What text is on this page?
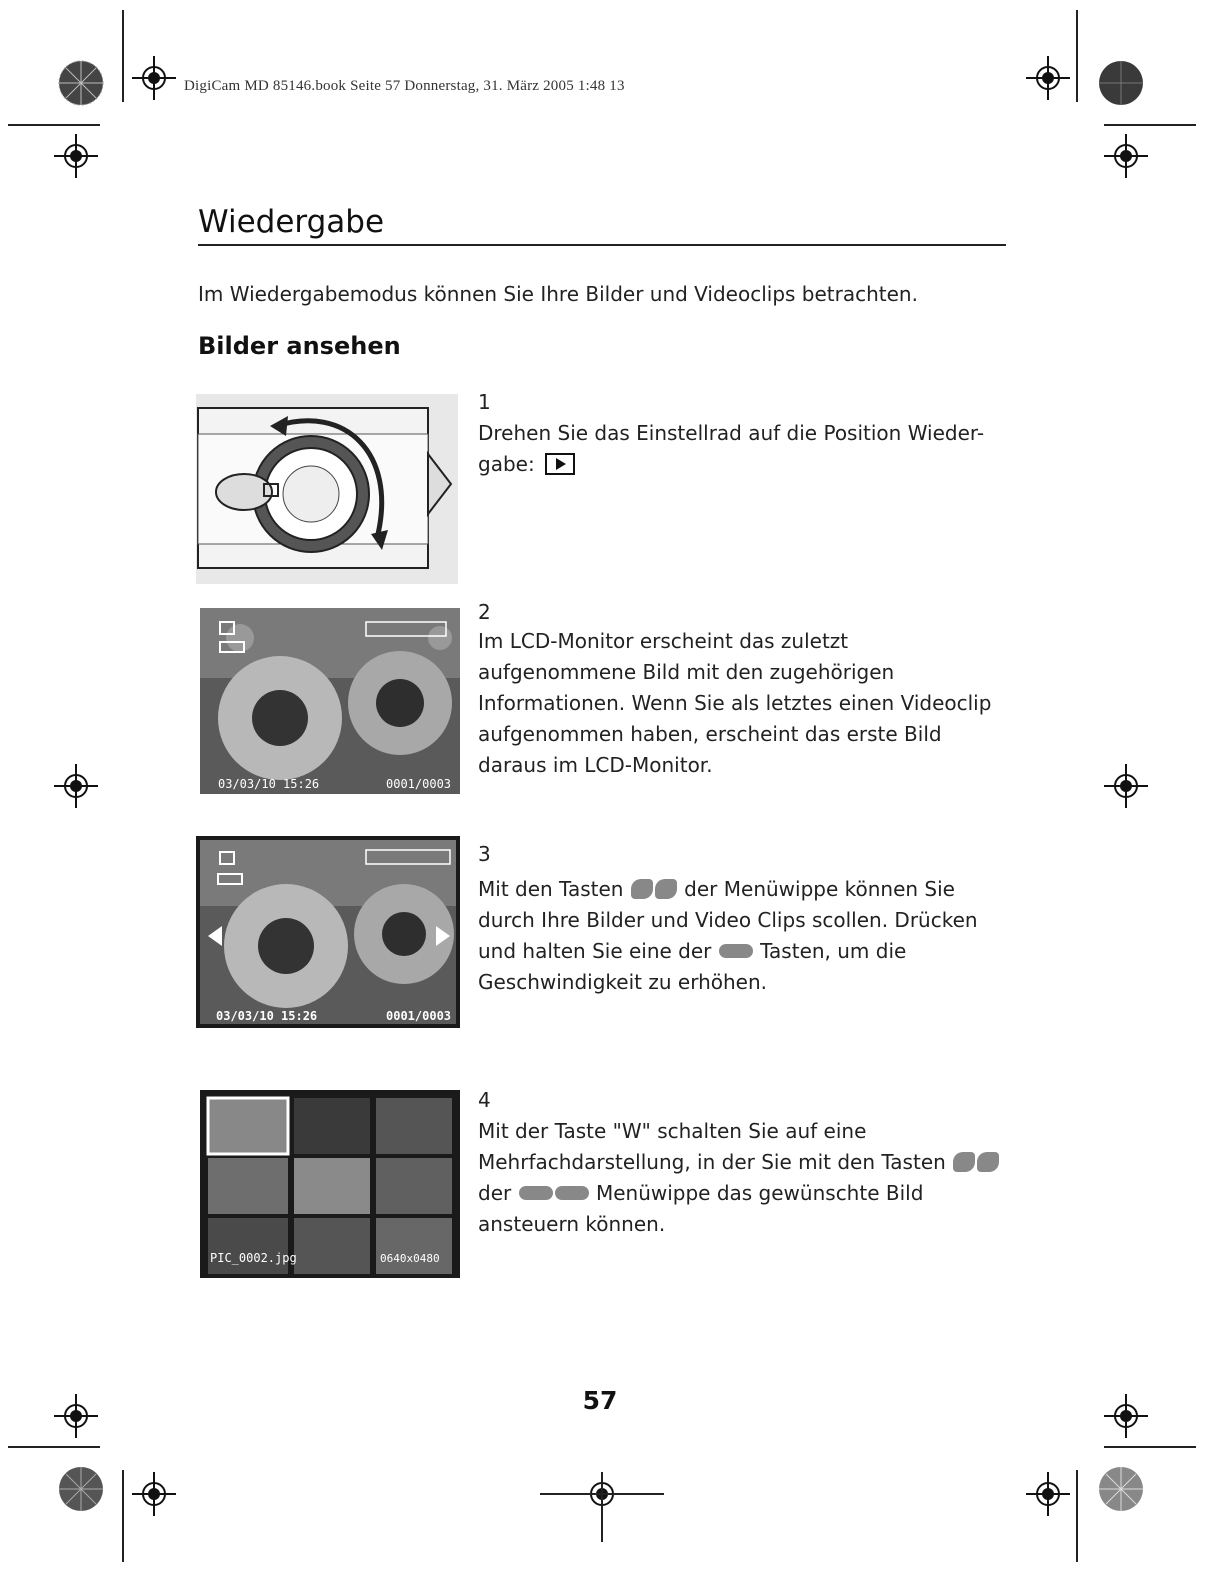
DigiCam MD 85146.book Seite 57 Donnerstag, 31. März 2005 1:48 13
Wiedergabe
Im Wiedergabemodus können Sie Ihre Bilder und Videoclips betrachten.
Bilder ansehen
03/03/10 15:26	0001/0003
03/03/10 15:26	0001/0003
PIC_0002.jpg	0640x0480
1
Drehen Sie das Einstellrad auf die Position Wieder-
gabe:
2
Im LCD-Monitor erscheint das zuletzt aufgenommene Bild mit den zugehörigen Informationen. Wenn Sie als letztes einen Videoclip aufgenommen haben, erscheint das erste Bild daraus im LCD-Monitor.
3
Mit den Tasten	der Menüwippe können Sie durch Ihre Bilder und Video Clips scollen. Drücken und halten Sie eine der Tasten, um die Geschwindigkeit zu erhöhen.
4
Mit der Taste "W" schalten Sie auf eine Mehrfachdarstellung, in der Sie mit den Tasten  der	Menüwippe das gewünschte Bild ansteuern können.
57
